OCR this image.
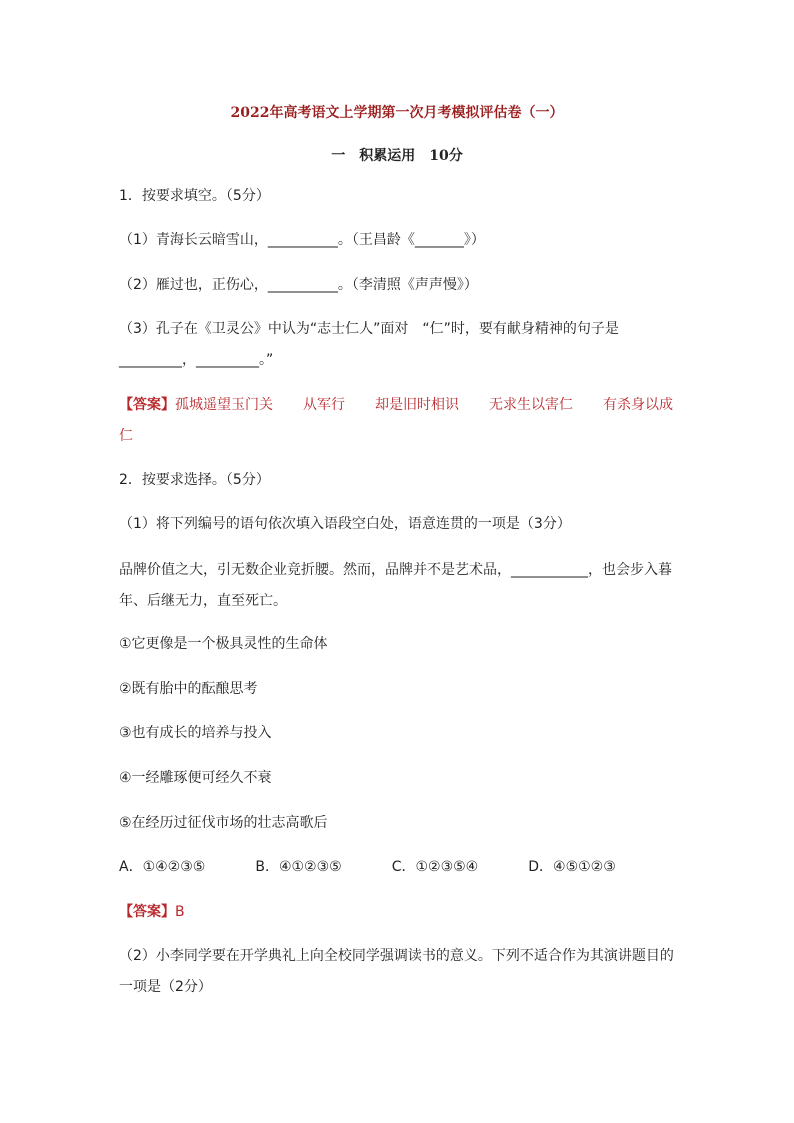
2022年高考语文上学期第一次月考模拟评估卷（一）
一　积累运用　10分
1．按要求填空。（5分）
（1）青海长云暗雪山，__________。（王昌龄《_______》）
（2）雁过也，正伤心，__________。（李清照《声声慢》）
（3）孔子在《卫灵公》中认为“志士仁人”面对　“仁”时，要有献身精神的句子是
_________，_________。”
【答案】孤城遥望玉门关 从军行 却是旧时相识 无求生以害仁 有杀身以成
仁
2．按要求选择。（5分）
（1）将下列编号的语句依次填入语段空白处，语意连贯的一项是（3分）
品牌价值之大，引无数企业竞折腰。然而，品牌并不是艺术品，___________，也会步入暮
年、后继无力，直至死亡。
①它更像是一个极具灵性的生命体
②既有胎中的酝酿思考
③也有成长的培养与投入
④一经雕琢便可经久不衰
⑤在经历过征伐市场的壮志高歌后
A．①④②③⑤	B．④①②③⑤	C．①②③⑤④	D．④⑤①②③
【答案】B
（2）小李同学要在开学典礼上向全校同学强调读书的意义。下列不适合作为其演讲题目的
一项是（2分）
